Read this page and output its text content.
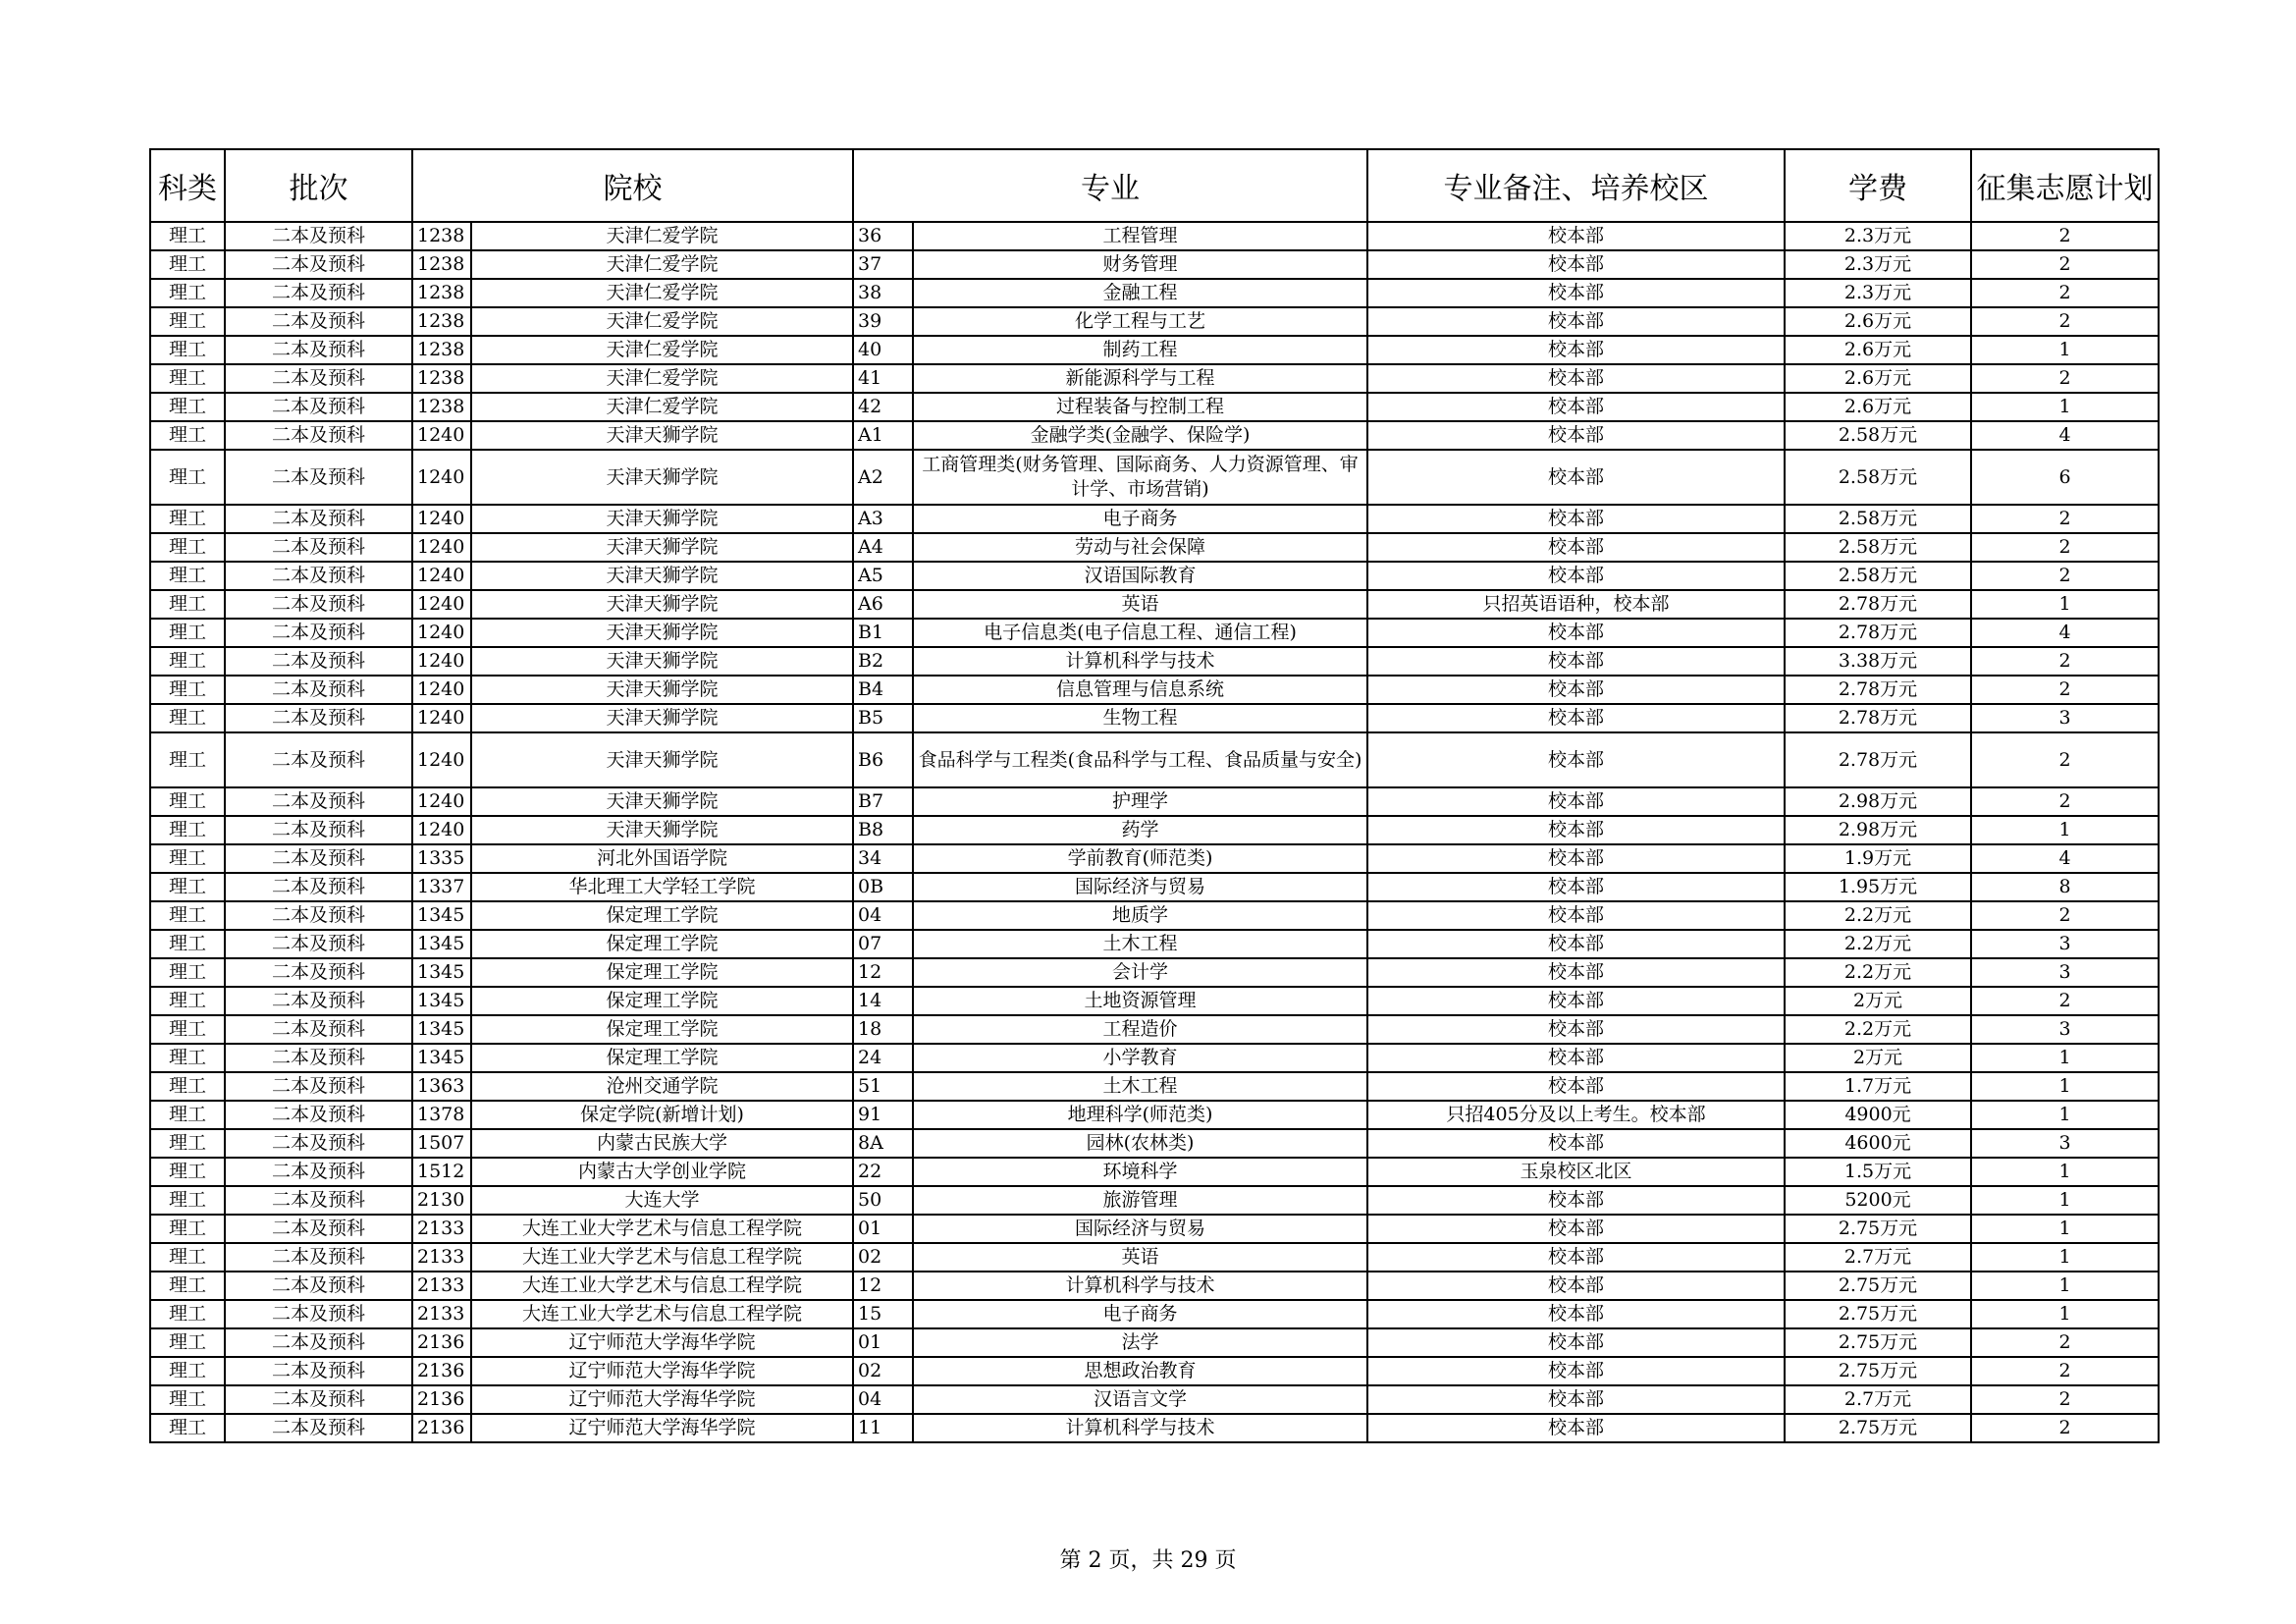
科类	批次	院校		专业		专业备注、培养校区	学费	征集志愿计划
理工	二本及预科	1238	天津仁爱学院	36	工程管理	校本部	2.3万元	2
理工	二本及预科	1238	天津仁爱学院	37	财务管理	校本部	2.3万元	2
理工	二本及预科	1238	天津仁爱学院	38	金融工程	校本部	2.3万元	2
理工	二本及预科	1238	天津仁爱学院	39	化学工程与工艺	校本部	2.6万元	2
理工	二本及预科	1238	天津仁爱学院	40	制药工程	校本部	2.6万元	1
理工	二本及预科	1238	天津仁爱学院	41	新能源科学与工程	校本部	2.6万元	2
理工	二本及预科	1238	天津仁爱学院	42	过程装备与控制工程	校本部	2.6万元	1
理工	二本及预科	1240	天津天狮学院	A1	金融学类(金融学、保险学)	校本部	2.58万元	4
理工	二本及预科	1240	天津天狮学院	A2	工商管理类(财务管理、国际商务、人力资源管理、审计学、市场营销)	校本部	2.58万元	6
理工	二本及预科	1240	天津天狮学院	A3	电子商务	校本部	2.58万元	2
理工	二本及预科	1240	天津天狮学院	A4	劳动与社会保障	校本部	2.58万元	2
理工	二本及预科	1240	天津天狮学院	A5	汉语国际教育	校本部	2.58万元	2
理工	二本及预科	1240	天津天狮学院	A6	英语	只招英语语种，校本部	2.78万元	1
理工	二本及预科	1240	天津天狮学院	B1	电子信息类(电子信息工程、通信工程)	校本部	2.78万元	4
理工	二本及预科	1240	天津天狮学院	B2	计算机科学与技术	校本部	3.38万元	2
理工	二本及预科	1240	天津天狮学院	B4	信息管理与信息系统	校本部	2.78万元	2
理工	二本及预科	1240	天津天狮学院	B5	生物工程	校本部	2.78万元	3
理工	二本及预科	1240	天津天狮学院	B6	食品科学与工程类(食品科学与工程、食品质量与安全)	校本部	2.78万元	2
理工	二本及预科	1240	天津天狮学院	B7	护理学	校本部	2.98万元	2
理工	二本及预科	1240	天津天狮学院	B8	药学	校本部	2.98万元	1
理工	二本及预科	1335	河北外国语学院	34	学前教育(师范类)	校本部	1.9万元	4
理工	二本及预科	1337	华北理工大学轻工学院	0B	国际经济与贸易	校本部	1.95万元	8
理工	二本及预科	1345	保定理工学院	04	地质学	校本部	2.2万元	2
理工	二本及预科	1345	保定理工学院	07	土木工程	校本部	2.2万元	3
理工	二本及预科	1345	保定理工学院	12	会计学	校本部	2.2万元	3
理工	二本及预科	1345	保定理工学院	14	土地资源管理	校本部	2万元	2
理工	二本及预科	1345	保定理工学院	18	工程造价	校本部	2.2万元	3
理工	二本及预科	1345	保定理工学院	24	小学教育	校本部	2万元	1
理工	二本及预科	1363	沧州交通学院	51	土木工程	校本部	1.7万元	1
理工	二本及预科	1378	保定学院(新增计划)	91	地理科学(师范类)	只招405分及以上考生。校本部	4900元	1
理工	二本及预科	1507	内蒙古民族大学	8A	园林(农林类)	校本部	4600元	3
理工	二本及预科	1512	内蒙古大学创业学院	22	环境科学	玉泉校区北区	1.5万元	1
理工	二本及预科	2130	大连大学	50	旅游管理	校本部	5200元	1
理工	二本及预科	2133	大连工业大学艺术与信息工程学院	01	国际经济与贸易	校本部	2.75万元	1
理工	二本及预科	2133	大连工业大学艺术与信息工程学院	02	英语	校本部	2.7万元	1
理工	二本及预科	2133	大连工业大学艺术与信息工程学院	12	计算机科学与技术	校本部	2.75万元	1
理工	二本及预科	2133	大连工业大学艺术与信息工程学院	15	电子商务	校本部	2.75万元	1
理工	二本及预科	2136	辽宁师范大学海华学院	01	法学	校本部	2.75万元	2
理工	二本及预科	2136	辽宁师范大学海华学院	02	思想政治教育	校本部	2.75万元	2
理工	二本及预科	2136	辽宁师范大学海华学院	04	汉语言文学	校本部	2.7万元	2
理工	二本及预科	2136	辽宁师范大学海华学院	11	计算机科学与技术	校本部	2.75万元	2
第 2 页，共 29 页
